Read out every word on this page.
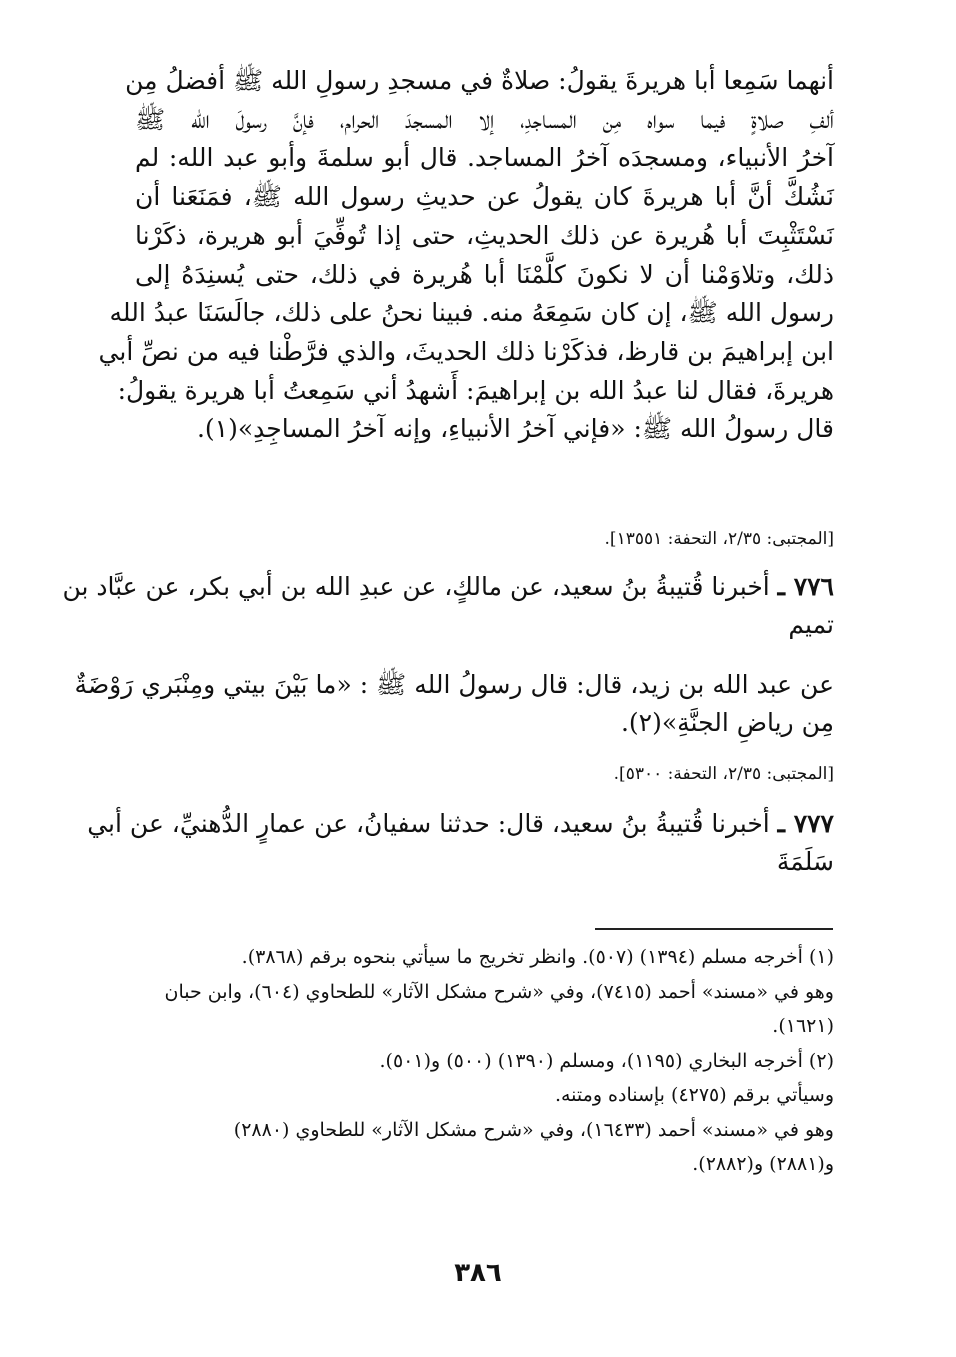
أنهما سَمِعا أبا هريرةَ يقولُ: صلاةٌ في مسجدِ رسولِ الله ﷺ أفضلُ مِن
ألفِ صلاةٍ فيما سواه مِن المساجدِ، إلا المسجدَ الحرام، فإنَّ رسولَ الله ﷺ
آخرُ الأنبياء، ومسجدَه آخرُ المساجد. قال أبو سلمةَ وأبو عبد الله: لم
نَشُكَّ أنَّ أبا هريرةَ كان يقولُ عن حديثِ رسول الله ﷺ، فمَنَعَنا أن
نَسْتَثْبِتَ أبا هُريرة عن ذلك الحديثِ، حتى إذا تُوفِّيَ أبو هريرة، ذكَرْنا
ذلك، وتلاوَمْنا أن لا نكونَ كلَّمْنَا أبا هُريرة في ذلك، حتى يُسنِدَهُ إلى
رسول الله ﷺ، إن كان سَمِعَهُ منه. فبينا نحنُ على ذلك، جالَسَنَا عبدُ الله
ابن إبراهيمَ بن قارظ، فذكَرْنا ذلك الحديثَ، والذي فرَّطْنا فيه من نصِّ أبي
هريرةَ، فقال لنا عبدُ الله بن إبراهيمَ: أَشهدُ أني سَمِعتُ أبا هريرة يقولُ:
قال رسولُ الله ﷺ: «فإني آخرُ الأنبياءِ، وإنه آخرُ المساجِدِ»(١).
[المجتبى: ٢/٣٥، التحفة: ١٣٥٥١].
٧٧٦ ـ أخبرنا قُتيبةُ بنُ سعيد، عن مالكٍ، عن عبدِ الله بن أبي بكر، عن عبَّاد بن
تميم
عن عبد الله بن زيد، قال: قال رسولُ الله ﷺ : «ما بَيْنَ بيتي ومِنْبَري رَوْضَةٌ
مِن رياضِ الجنَّةِ»(٢).
[المجتبى: ٢/٣٥، التحفة: ٥٣٠٠].
٧٧٧ ـ أخبرنا قُتيبةُ بنُ سعيد، قال: حدثنا سفيانُ، عن عمارٍ الدُّهنيِّ، عن أبي
سَلَمَةَ
(١) أخرجه مسلم (١٣٩٤) (٥٠٧). وانظر تخريج ما سيأتي بنحوه برقم (٣٨٦٨).
وهو في «مسند» أحمد (٧٤١٥)، وفي «شرح مشكل الآثار» للطحاوي (٦٠٤)، وابن حبان
(١٦٢١).
(٢) أخرجه البخاري (١١٩٥)، ومسلم (١٣٩٠) (٥٠٠) و(٥٠١).
وسيأتي برقم (٤٢٧٥) بإسناده ومتنه.
وهو في «مسند» أحمد (١٦٤٣٣)، وفي «شرح مشكل الآثار» للطحاوي (٢٨٨٠)
و(٢٨٨١) و(٢٨٨٢).
٣٨٦
